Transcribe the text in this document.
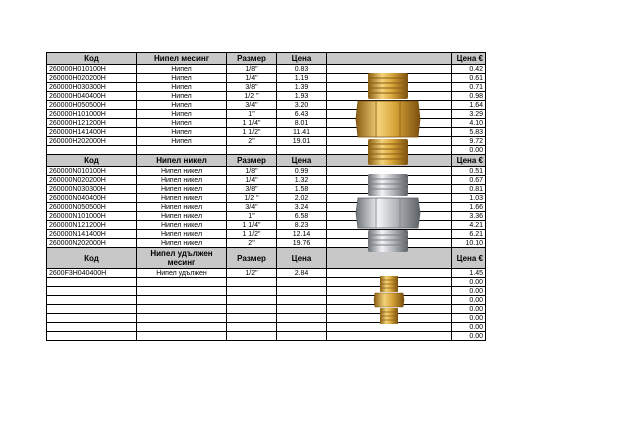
Код	Нипел месинг	Размер	Цена		Цена €
260000H010100H	Нипел	1/8"	0.83		0.42
260000H020200H	Нипел	1/4"	1.19		0.61
260000H030300H	Нипел	3/8"	1.39		0.71
260000H040400H	Нипел	1/2 "	1.93		0.98
260000H050500H	Нипел	3/4"	3.20		1.64
260000H101000H	Нипел	1"	6.43		3.29
260000H121200H	Нипел	1 1/4"	8.01		4.10
260000H141400H	Нипел	1 1/2"	11.41		5.83
260000H202000H	Нипел	2"	19.01		9.72
					0.00
Код	Нипел никел	Размер	Цена		Цена €
260000N010100H	Нипел никел	1/8"	0.99		0.51
260000N020200H	Нипел никел	1/4"	1.32		0.67
260000N030300H	Нипел никел	3/8"	1.58		0.81
260000N040400H	Нипел никел	1/2 "	2.02		1.03
260000N050500H	Нипел никел	3/4"	3.24		1.66
260000N101000H	Нипел никел	1"	6.58		3.36
260000N121200H	Нипел никел	1 1/4"	8.23		4.21
260000N141400H	Нипел никел	1 1/2"	12.14		6.21
260000N202000H	Нипел никел	2"	19.76		10.10
Код	Нипел удължен месинг	Размер	Цена		Цена €
2600F3H040400H	Нипел удължен	1/2"	2.84		1.45
					0.00
					0.00
					0.00
					0.00
					0.00
					0.00
					0.00
